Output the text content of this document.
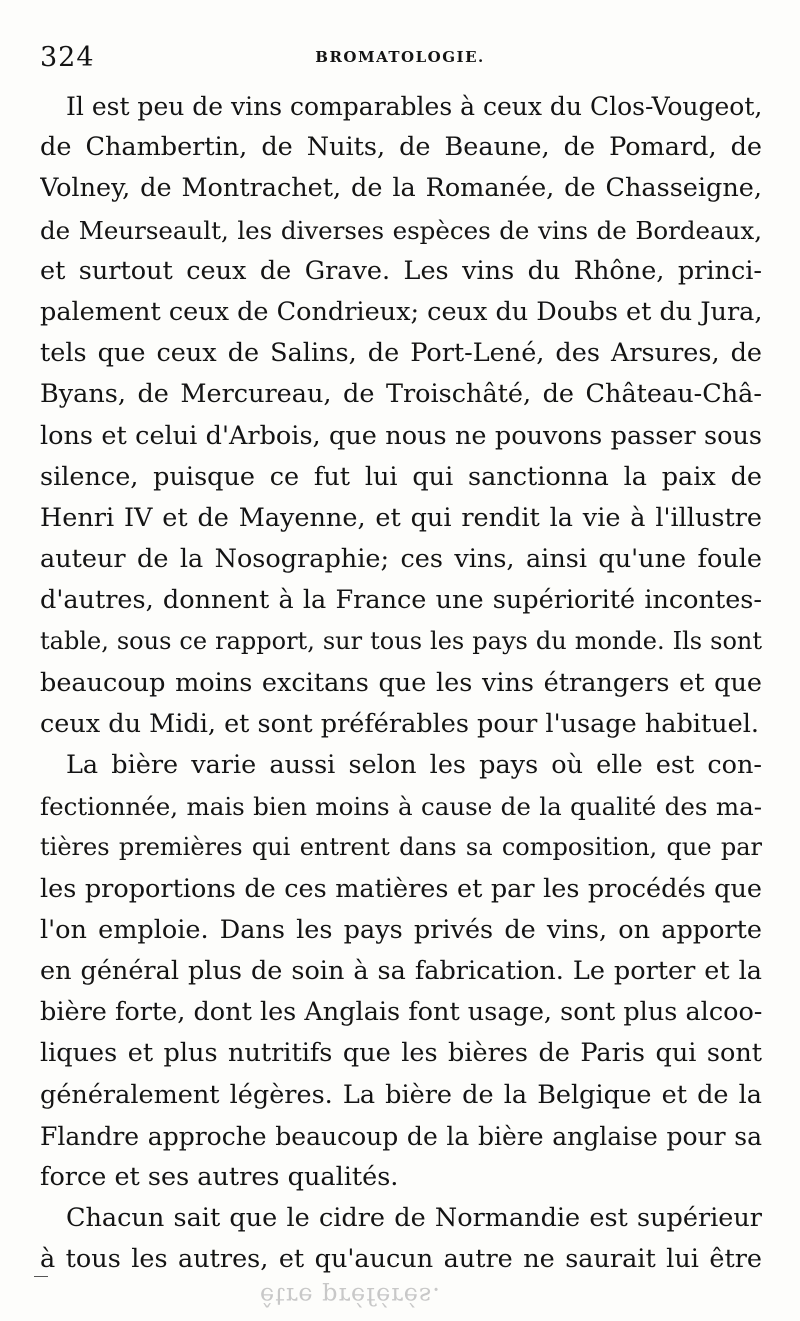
324	BROMATOLOGIE.
Il est peu de vins comparables à ceux du Clos-Vougeot,
de Chambertin, de Nuits, de Beaune, de Pomard, de
Volney, de Montrachet, de la Romanée, de Chasseigne,
de Meurseault, les diverses espèces de vins de Bordeaux,
et surtout ceux de Grave. Les vins du Rhône, princi-
palement ceux de Condrieux; ceux du Doubs et du Jura,
tels que ceux de Salins, de Port-Lené, des Arsures, de
Byans, de Mercureau, de Troischâté, de Château-Châ-
lons et celui d'Arbois, que nous ne pouvons passer sous
silence, puisque ce fut lui qui sanctionna la paix de
Henri IV et de Mayenne, et qui rendit la vie à l'illustre
auteur de la Nosographie; ces vins, ainsi qu'une foule
d'autres, donnent à la France une supériorité incontes-
table, sous ce rapport, sur tous les pays du monde. Ils sont
beaucoup moins excitans que les vins étrangers et que
ceux du Midi, et sont préférables pour l'usage habituel.
La bière varie aussi selon les pays où elle est con-
fectionnée, mais bien moins à cause de la qualité des ma-
tières premières qui entrent dans sa composition, que par
les proportions de ces matières et par les procédés que
l'on emploie. Dans les pays privés de vins, on apporte
en général plus de soin à sa fabrication. Le porter et la
bière forte, dont les Anglais font usage, sont plus alcoo-
liques et plus nutritifs que les bières de Paris qui sont
généralement légères. La bière de la Belgique et de la
Flandre approche beaucoup de la bière anglaise pour sa
force et ses autres qualités.
Chacun sait que le cidre de Normandie est supérieur
à tous les autres, et qu'aucun autre ne saurait lui être
être préférés.
